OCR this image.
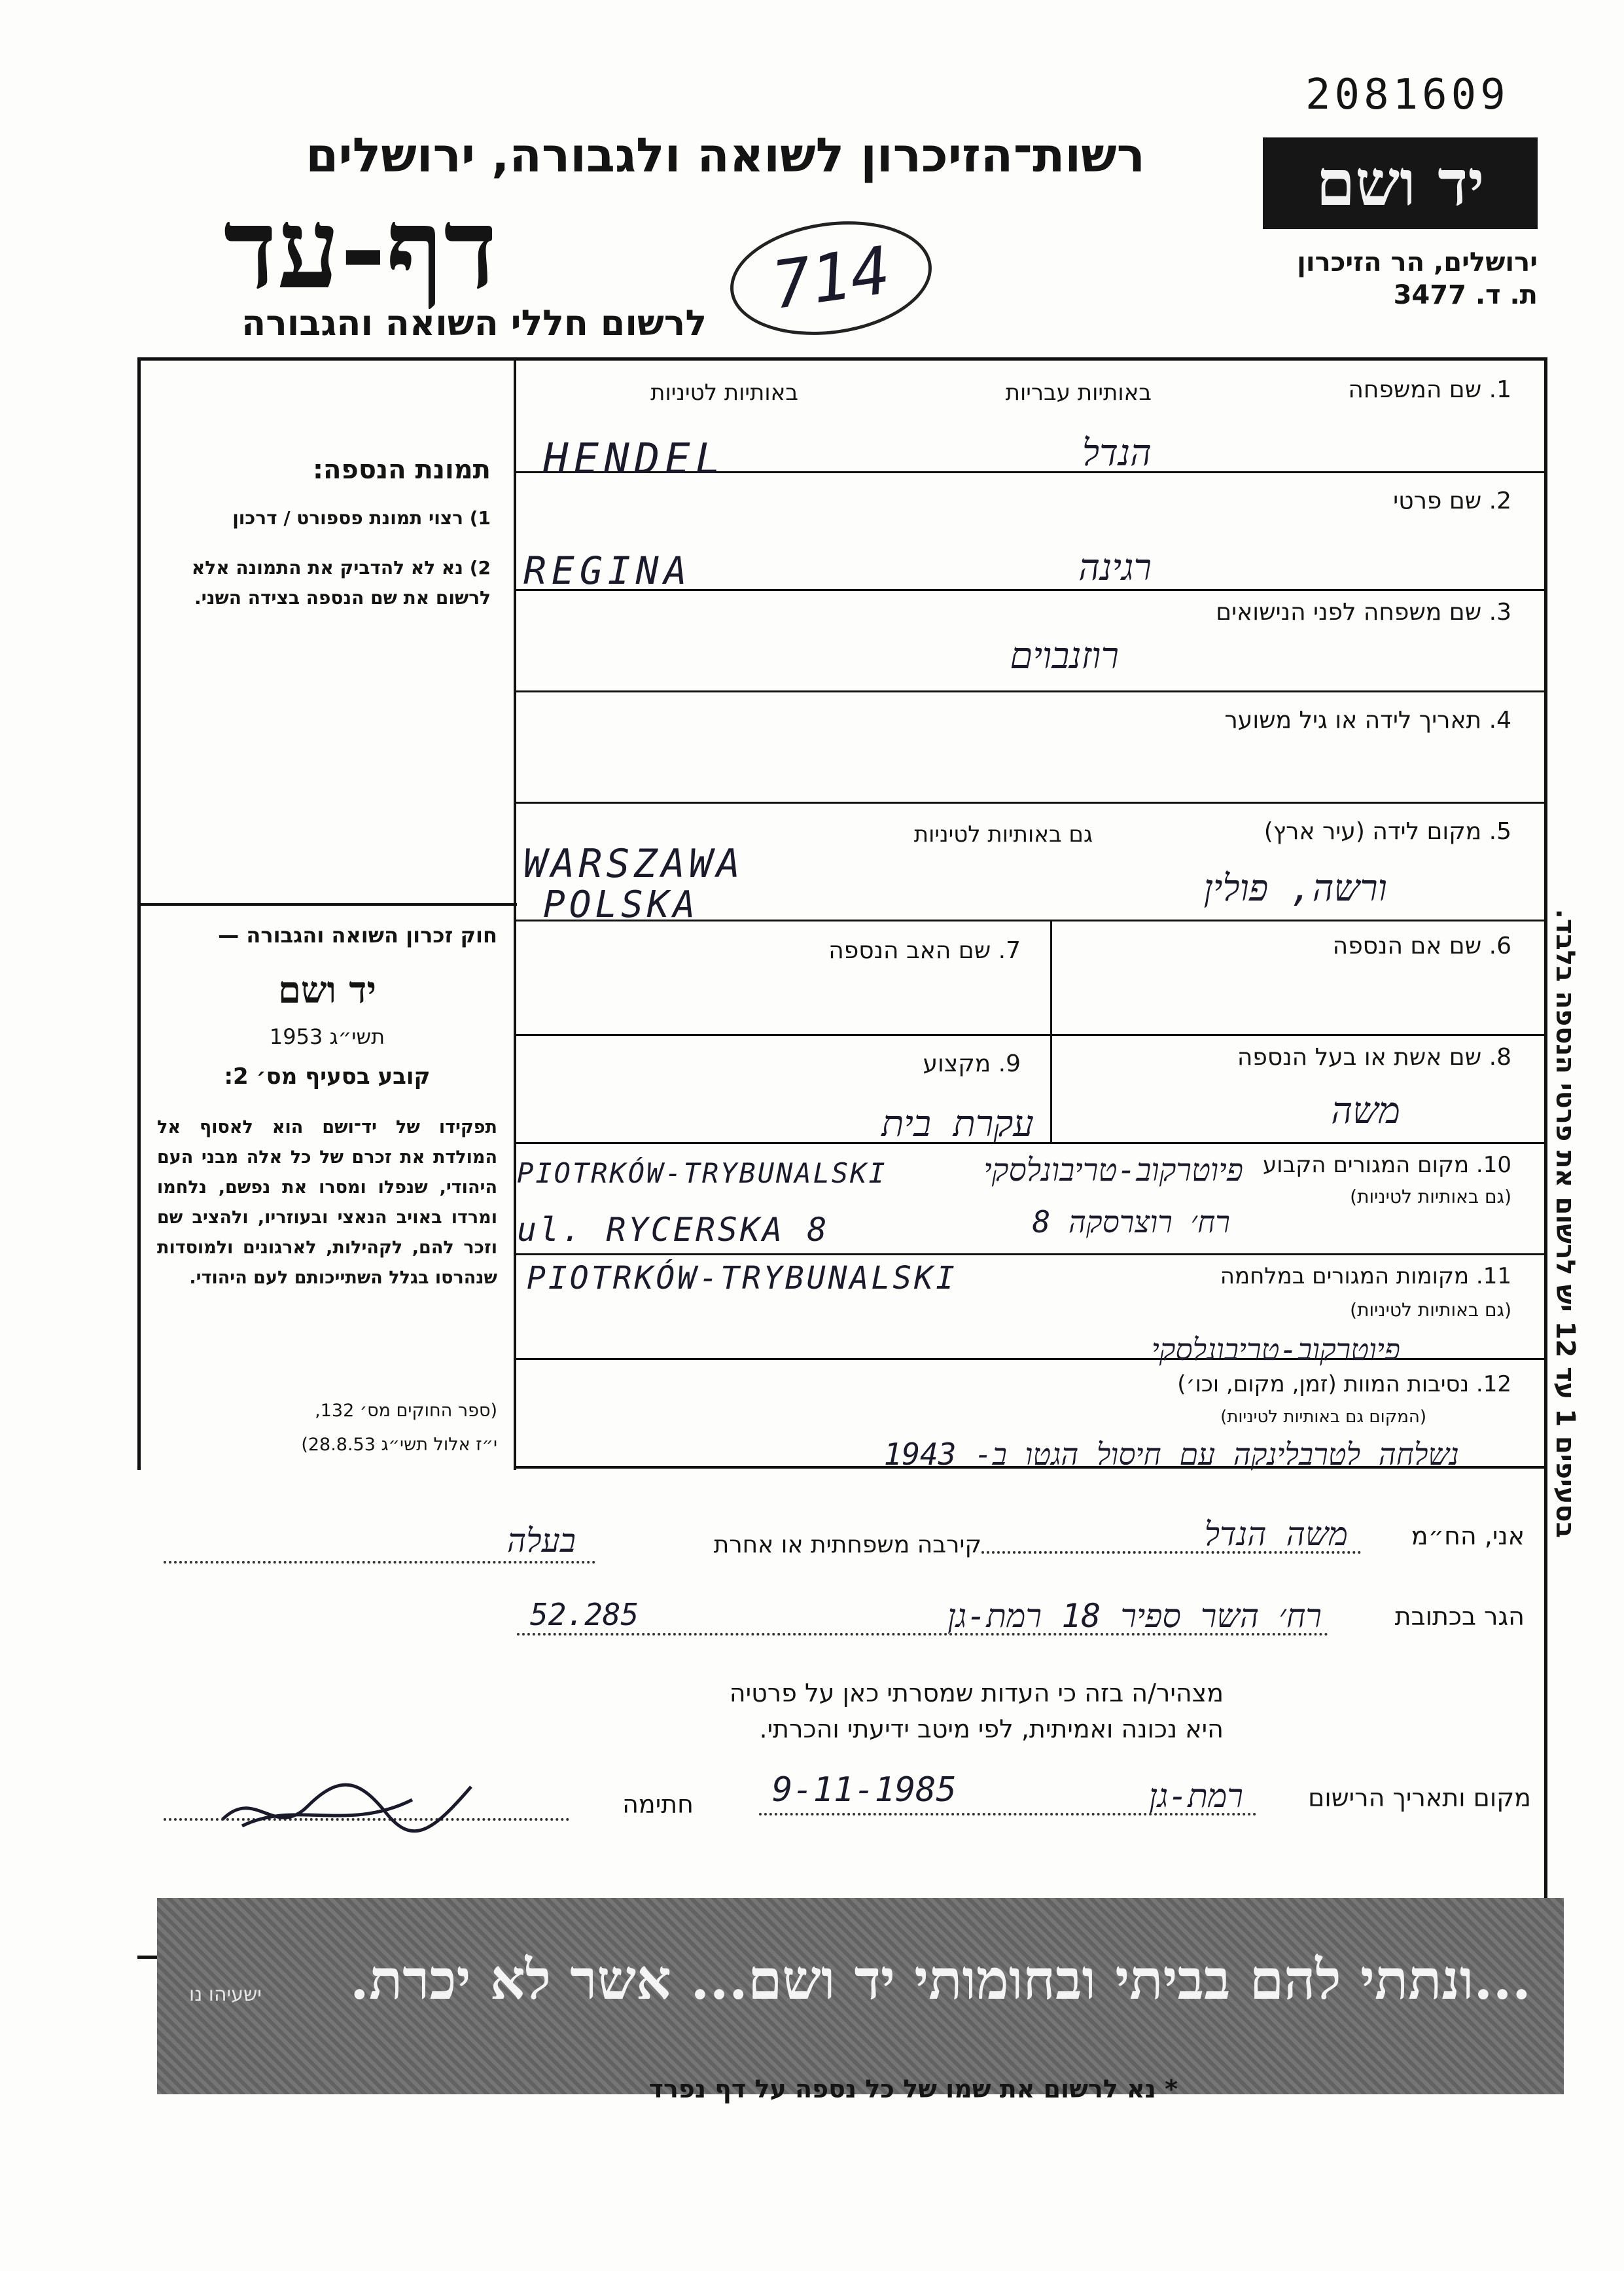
2081609
רשות־הזיכרון לשואה ולגבורה, ירושלים
דף-עד
לרשום חללי השואה והגבורה 714
יד ושם
ירושלים, הר הזיכרון
ת. ד. 3477
תמונת הנספה:
1) רצוי תמונת פספורט / דרכון
2) נא לא להדביק את התמונה אלא לרשום את שם הנספה בצידה השני.
חוק זכרון השואה והגבורה —
יד ושם
תשי״ג 1953
קובע בסעיף מס׳ 2:
תפקידו של יד־ושם הוא לאסוף אל המולדת את זכרם של כל אלה מבני העם היהודי, שנפלו ומסרו את נפשם, נלחמו ומרדו באויב הנאצי ובעוזריו, ולהציב שם וזכר להם, לקהילות, לארגונים ולמוסדות שנהרסו בגלל השתייכותם לעם היהודי.
(ספר החוקים מס׳ 132,
י״ז אלול תשי״ג 28.8.53)
באותיות לטיניות	באותיות עבריות	1. שם המשפחה
HENDEL	הנדל
2. שם פרטי
REGINA	רגינה
3. שם משפחה לפני הנישואים
רוזנבוים
4. תאריך לידה או גיל משוער
5. מקום לידה (עיר ארץ)
גם באותיות לטיניות
WARSZAWA
POLSKA	ורשה, פולין
6. שם אם הנספה
7. שם האב הנספה
8. שם אשת או בעל הנספה
משה
9. מקצוע
עקרת בית
10. מקום המגורים הקבוע
(גם באותיות לטיניות)
PIOTRKÓW-TRYBUNALSKI
ul. RYCERSKA 8
פיוטרקוב-טריבונלסקי
רח׳ רוצרסקה 8
11. מקומות המגורים במלחמה
(גם באותיות לטיניות)
PIOTRKÓW-TRYBUNALSKI
פיוטרקוב-טריבונלסקי
12. נסיבות המוות (זמן, מקום, וכו׳)
(המקום גם באותיות לטיניות)
נשלחה לטרבלינקה עם חיסול הגטו ב- 1943
אני, הח״מ
משה הנדל
קירבה משפחתית או אחרת
בעלה
הגר בכתובת
רח׳ השר ספיר 18 רמת-גן
52.285
מצהיר/ה בזה כי העדות שמסרתי כאן על פרטיה
היא נכונה ואמיתית, לפי מיטב ידיעתי והכרתי.
מקום ותאריך הרישום
9-11-1985	רמת-גן
חתימה
בסעיפים 1 עד 12 יש לרשום את פרטי הנספה בלבד.
...ונתתי להם בביתי ובחומותי יד ושם... אשר לא יכרת.
ישעיהו נו
* נא לרשום את שמו של כל נספה על דף נפרד
